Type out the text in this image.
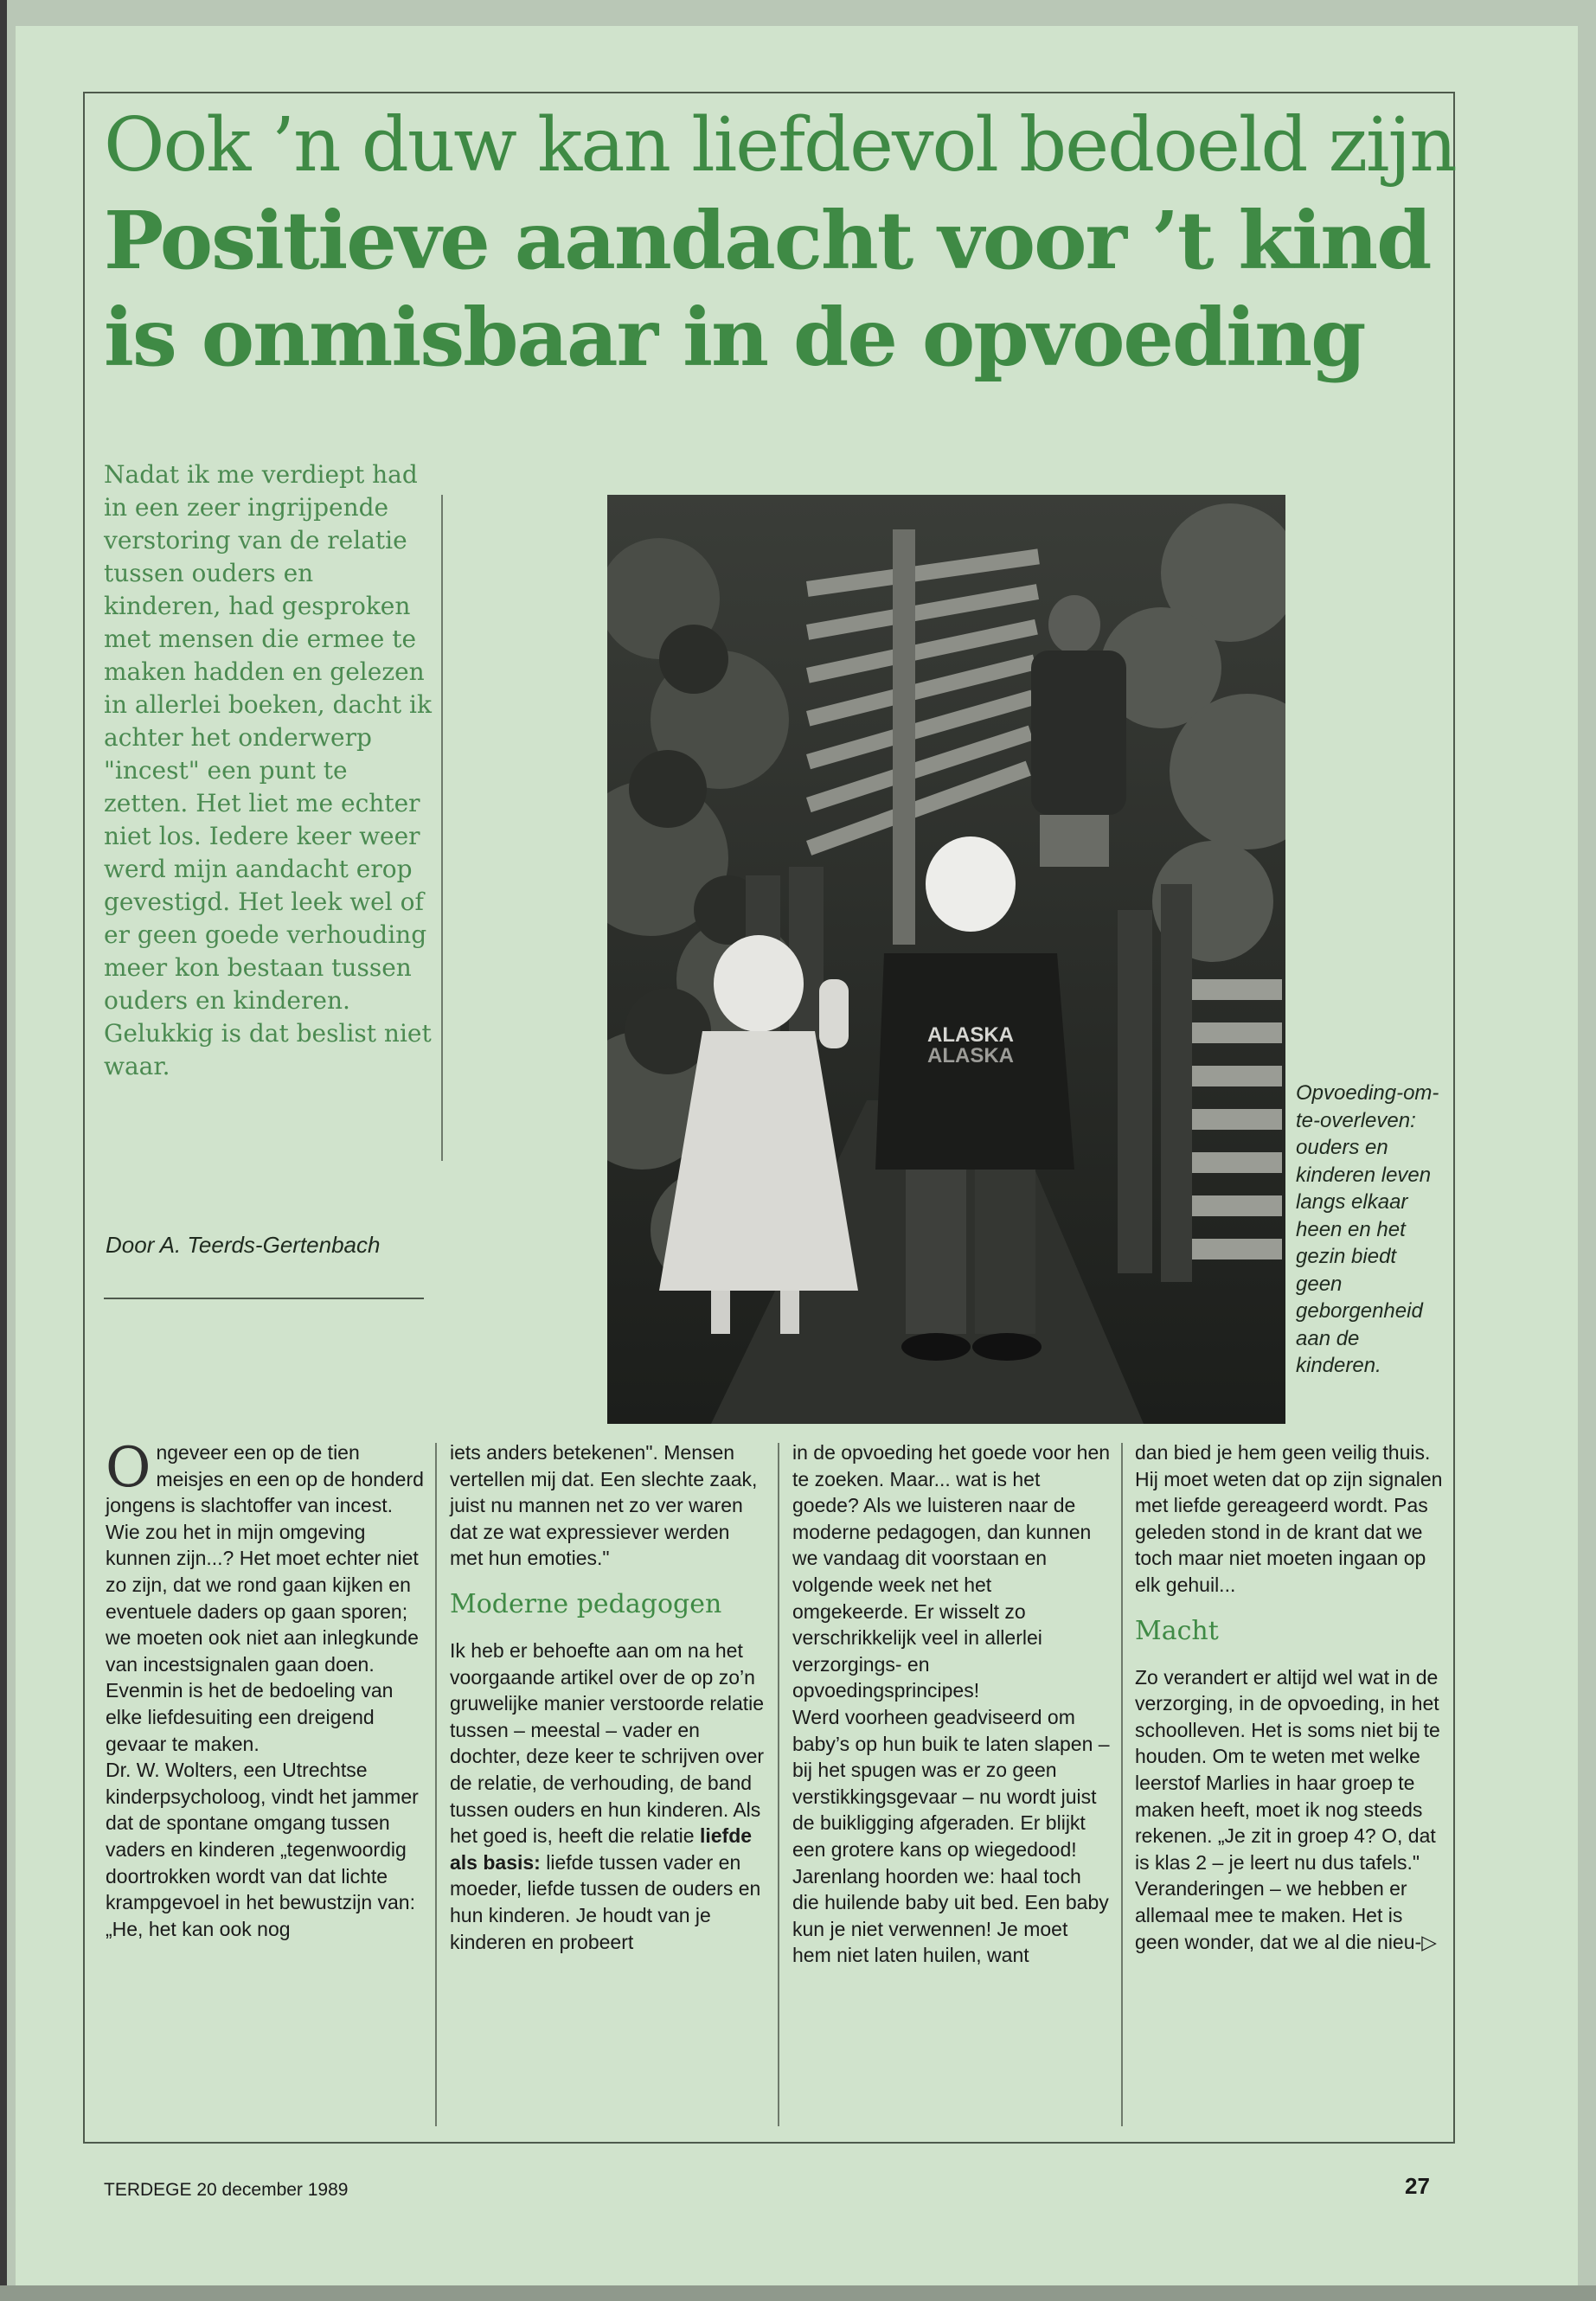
Ook ’n duw kan liefdevol bedoeld zijn
Positieve aandacht voor ’t kind is onmisbaar in de opvoeding
Nadat ik me verdiept had in een zeer ingrijpende verstoring van de relatie tussen ouders en kinderen, had gesproken met mensen die ermee te maken hadden en gelezen in allerlei boeken, dacht ik achter het onderwerp "incest" een punt te zetten. Het liet me echter niet los. Iedere keer weer werd mijn aandacht erop gevestigd. Het leek wel of er geen goede verhouding meer kon bestaan tussen ouders en kinderen. Gelukkig is dat beslist niet waar.
Door A. Teerds-Gertenbach
ALASKA
ALASKA
Opvoeding-om-te-overleven: ouders en kinderen leven langs elkaar heen en het gezin biedt geen geborgenheid aan de kinderen.
O ngeveer een op de tien meisjes en een op de honderd jongens is slachtoffer van incest. Wie zou het in mijn omgeving kunnen zijn...? Het moet echter niet zo zijn, dat we rond gaan kijken en eventuele daders op gaan sporen; we moeten ook niet aan inlegkunde van incestsignalen gaan doen. Evenmin is het de bedoeling van elke liefdesuiting een dreigend gevaar te maken.

Dr. W. Wolters, een Utrechtse kinderpsycholoog, vindt het jammer dat de spontane omgang tussen vaders en kinderen „tegenwoordig doortrokken wordt van dat lichte krampgevoel in het bewustzijn van: „He, het kan ook nog

iets anders betekenen". Mensen vertellen mij dat. Een slechte zaak, juist nu mannen net zo ver waren dat ze wat expressiever werden met hun emoties."

Moderne pedagogen

Ik heb er behoefte aan om na het voorgaande artikel over de op zo’n gruwelijke manier verstoorde relatie tussen – meestal – vader en dochter, deze keer te schrijven over de relatie, de verhouding, de band tussen ouders en hun kinderen. Als het goed is, heeft die relatie liefde als basis: liefde tussen vader en moeder, liefde tussen de ouders en hun kinderen. Je houdt van je kinderen en probeert

in de opvoeding het goede voor hen te zoeken. Maar... wat is het goede? Als we luisteren naar de moderne pedagogen, dan kunnen we vandaag dit voorstaan en volgende week net het omgekeerde. Er wisselt zo verschrikkelijk veel in allerlei verzorgings- en opvoedingsprincipes!

Werd voorheen geadviseerd om baby’s op hun buik te laten slapen – bij het spugen was er zo geen verstikkingsgevaar – nu wordt juist de buikligging afgeraden. Er blijkt een grotere kans op wiegedood! Jarenlang hoorden we: haal toch die huilende baby uit bed. Een baby kun je niet verwennen! Je moet hem niet laten huilen, want

dan bied je hem geen veilig thuis. Hij moet weten dat op zijn signalen met liefde gereageerd wordt. Pas geleden stond in de krant dat we toch maar niet moeten ingaan op elk gehuil...

Macht

Zo verandert er altijd wel wat in de verzorging, in de opvoeding, in het schoolleven. Het is soms niet bij te houden. Om te weten met welke leerstof Marlies in haar groep te maken heeft, moet ik nog steeds rekenen. „Je zit in groep 4? O, dat is klas 2 – je leert nu dus tafels." Veranderingen – we hebben er allemaal mee te maken. Het is geen wonder, dat we al die nieu-▷

TERDEGE 20 december 1989	27
